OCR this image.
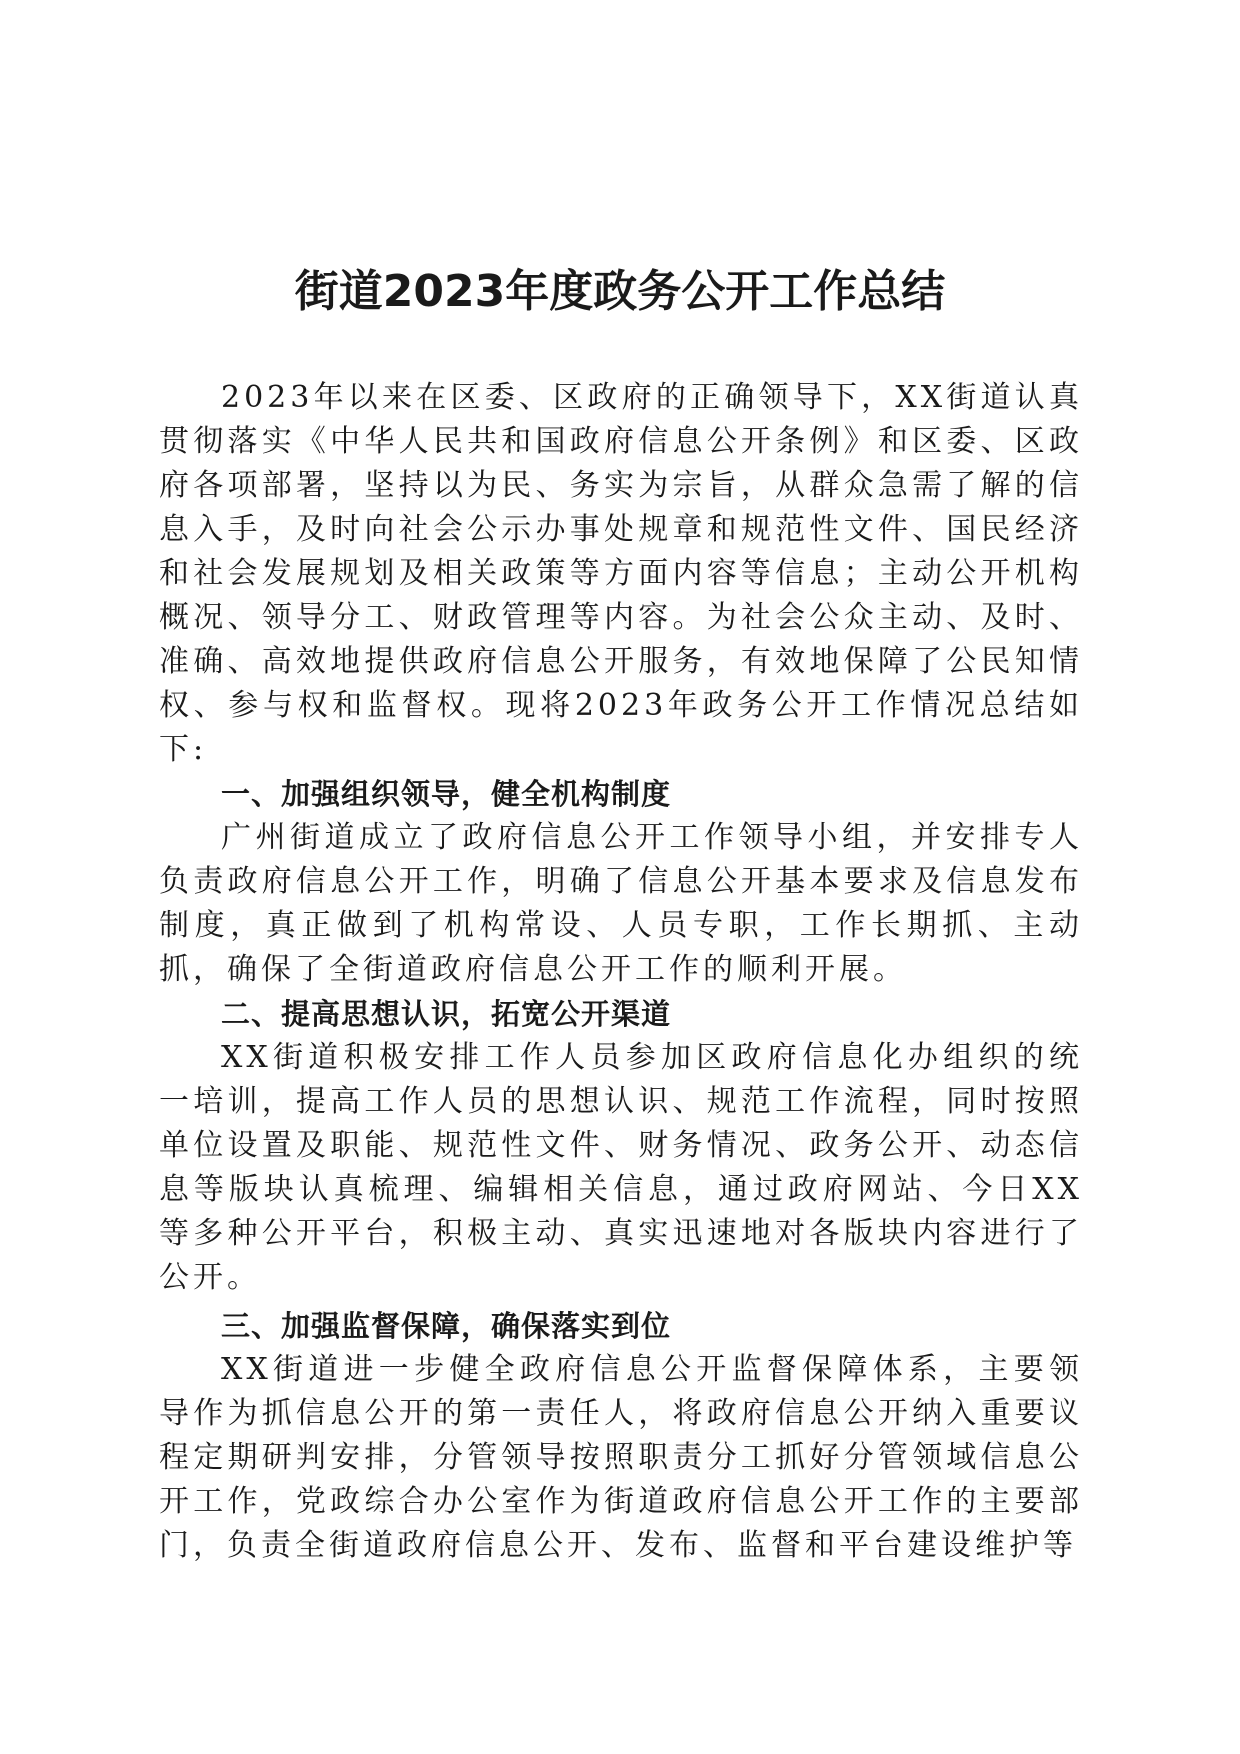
街道2023年度政务公开工作总结

2023年以来在区委、区政府的正确领导下，XX街道认真贯彻落实《中华人民共和国政府信息公开条例》和区委、区政府各项部署，坚持以为民、务实为宗旨，从群众急需了解的信息入手，及时向社会公示办事处规章和规范性文件、国民经济和社会发展规划及相关政策等方面内容等信息；主动公开机构概况、领导分工、财政管理等内容。为社会公众主动、及时、准确、高效地提供政府信息公开服务，有效地保障了公民知情权、参与权和监督权。现将2023年政务公开工作情况总结如下:

一、加强组织领导，健全机构制度

广州街道成立了政府信息公开工作领导小组，并安排专人负责政府信息公开工作，明确了信息公开基本要求及信息发布制度，真正做到了机构常设、人员专职，工作长期抓、主动抓，确保了全街道政府信息公开工作的顺利开展。

二、提高思想认识，拓宽公开渠道

XX街道积极安排工作人员参加区政府信息化办组织的统一培训，提高工作人员的思想认识、规范工作流程，同时按照单位设置及职能、规范性文件、财务情况、政务公开、动态信息等版块认真梳理、编辑相关信息，通过政府网站、今日XX等多种公开平台，积极主动、真实迅速地对各版块内容进行了公开。

三、加强监督保障，确保落实到位

XX街道进一步健全政府信息公开监督保障体系，主要领导作为抓信息公开的第一责任人，将政府信息公开纳入重要议程定期研判安排，分管领导按照职责分工抓好分管领域信息公开工作，党政综合办公室作为街道政府信息公开工作的主要部门，负责全街道政府信息公开、发布、监督和平台建设维护等
